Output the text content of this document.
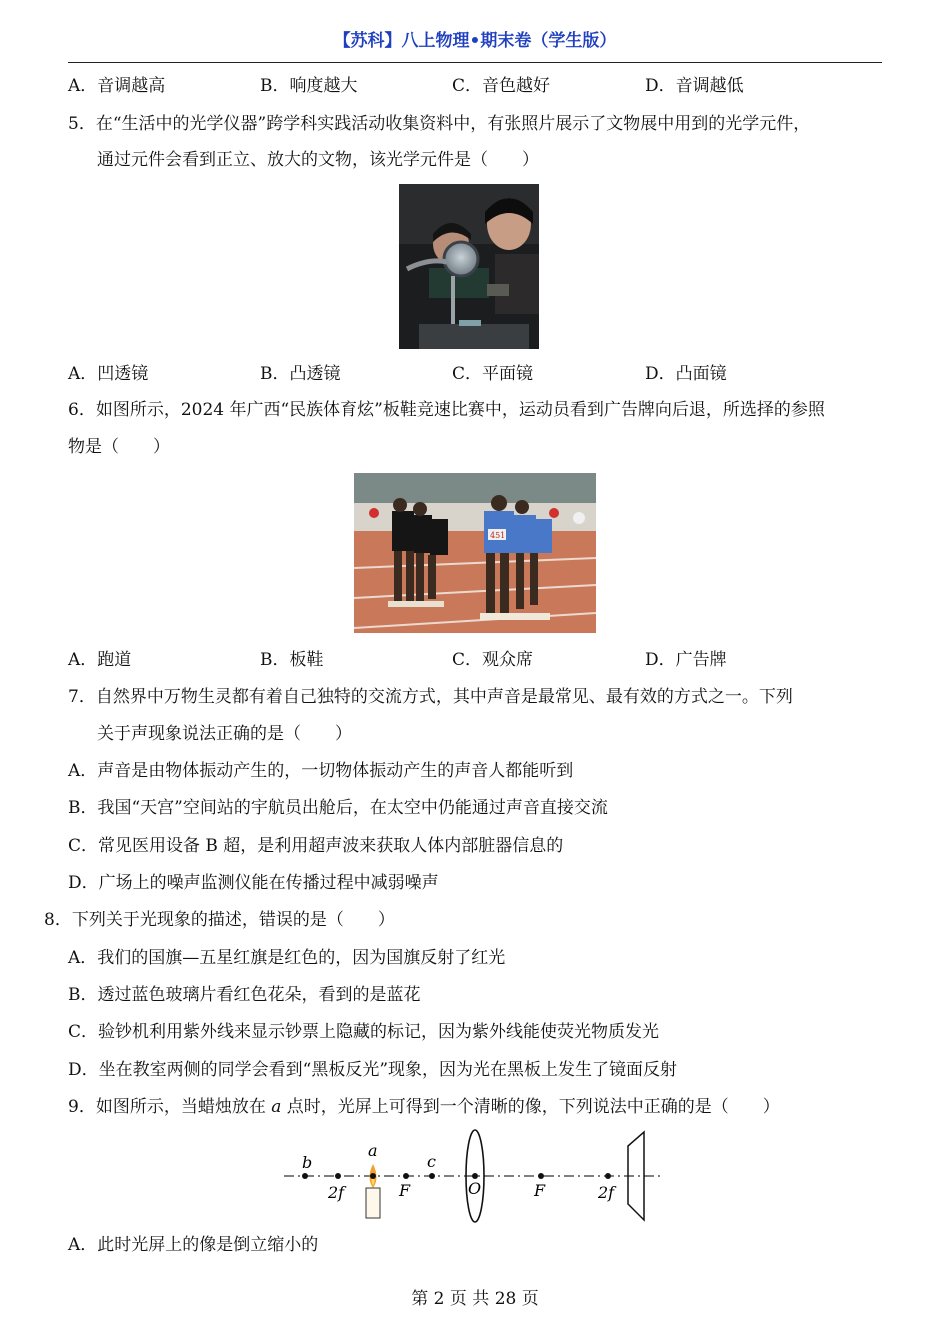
【苏科】八上物理•期末卷（学生版）
A．音调越高	B．响度越大	C．音色越好	D．音调越低
5．在“生活中的光学仪器”跨学科实践活动收集资料中，有张照片展示了文物展中用到的光学元件，
通过元件会看到正立、放大的文物，该光学元件是（　　）
A．凹透镜	B．凸透镜	C．平面镜	D．凸面镜
6．如图所示，2024 年广西“民族体育炫”板鞋竞速比赛中，运动员看到广告牌向后退，所选择的参照
物是（　　）
451
A．跑道	B．板鞋	C．观众席	D．广告牌
7．自然界中万物生灵都有着自己独特的交流方式，其中声音是最常见、最有效的方式之一。下列
关于声现象说法正确的是（　　）
A．声音是由物体振动产生的，一切物体振动产生的声音人都能听到
B．我国“天宫”空间站的宇航员出舱后，在太空中仍能通过声音直接交流
C．常见医用设备 B 超，是利用超声波来获取人体内部脏器信息的
D．广场上的噪声监测仪能在传播过程中减弱噪声
8．下列关于光现象的描述，错误的是（　　）
A．我们的国旗—五星红旗是红色的，因为国旗反射了红光
B．透过蓝色玻璃片看红色花朵，看到的是蓝花
C．验钞机利用紫外线来显示钞票上隐藏的标记，因为紫外线能使荧光物质发光
D．坐在教室两侧的同学会看到“黑板反光”现象，因为光在黑板上发生了镜面反射
9．如图所示，当蜡烛放在 a 点时，光屏上可得到一个清晰的像，下列说法中正确的是（　　）
b
2f
a
F
c
O	F	2f
A．此时光屏上的像是倒立缩小的
第 2 页 共 28 页
